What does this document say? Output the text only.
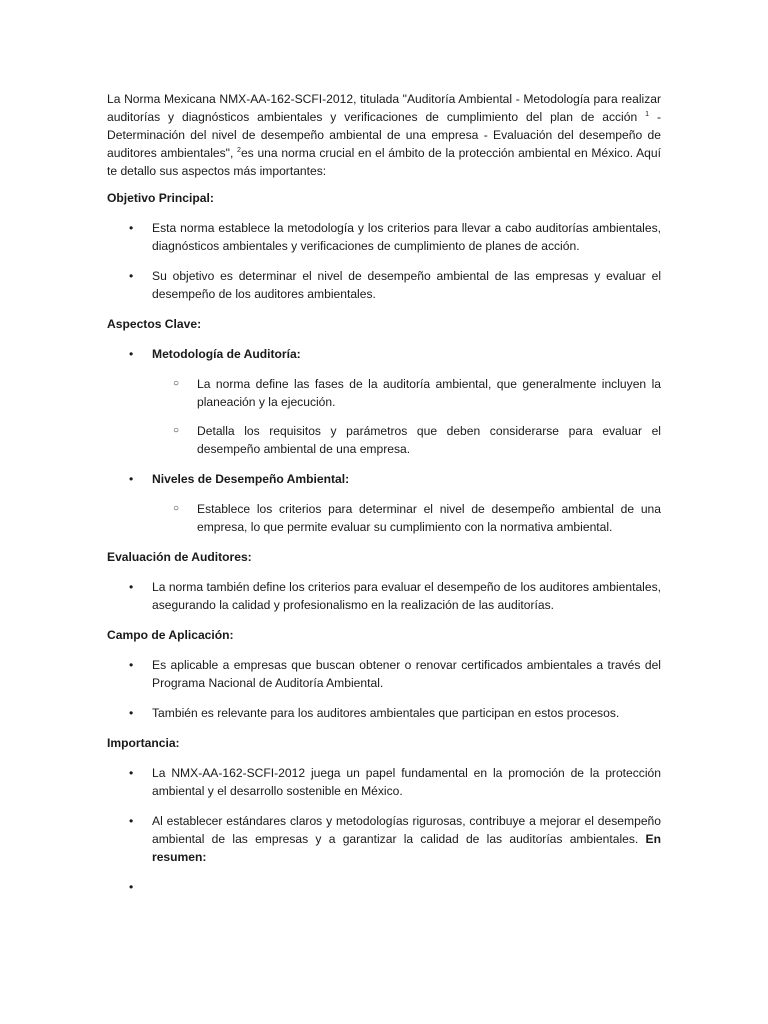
La Norma Mexicana NMX-AA-162-SCFI-2012, titulada "Auditoría Ambiental - Metodología para realizar auditorías y diagnósticos ambientales y verificaciones de cumplimiento del plan de acción $^1$ - Determinación del nivel de desempeño ambiental de una empresa - Evaluación del desempeño de auditores ambientales", $^2$es una norma crucial en el ámbito de la protección ambiental en México. Aquí te detallo sus aspectos más importantes:

Objetivo Principal:
•	Esta norma establece la metodología y los criterios para llevar a cabo auditorías ambientales, diagnósticos ambientales y verificaciones de cumplimiento de planes de acción.
•	Su objetivo es determinar el nivel de desempeño ambiental de las empresas y evaluar el desempeño de los auditores ambientales.
Aspectos Clave:
•	Metodología de Auditoría:
○ La norma define las fases de la auditoría ambiental, que generalmente incluyen la planeación y la ejecución.
○ Detalla los requisitos y parámetros que deben considerarse para evaluar el desempeño ambiental de una empresa.
•	Niveles de Desempeño Ambiental:
○ Establece los criterios para determinar el nivel de desempeño ambiental de una empresa, lo que permite evaluar su cumplimiento con la normativa ambiental.
Evaluación de Auditores:
•	La norma también define los criterios para evaluar el desempeño de los auditores ambientales, asegurando la calidad y profesionalismo en la realización de las auditorías.
Campo de Aplicación:
•	Es aplicable a empresas que buscan obtener o renovar certificados ambientales a través del Programa Nacional de Auditoría Ambiental.
•	También es relevante para los auditores ambientales que participan en estos procesos.
Importancia:
•	La NMX-AA-162-SCFI-2012 juega un papel fundamental en la promoción de la protección ambiental y el desarrollo sostenible en México.
•	Al establecer estándares claros y metodologías rigurosas, contribuye a mejorar el desempeño ambiental de las empresas y a garantizar la calidad de las auditorías ambientales. En resumen:
•
